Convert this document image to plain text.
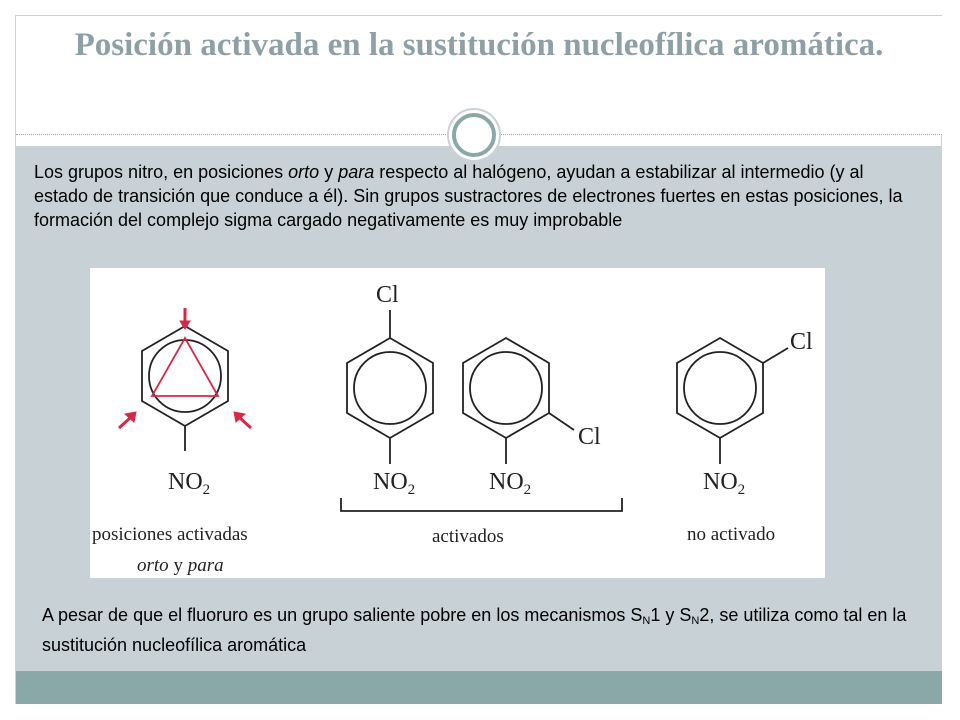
Posición activada en la sustitución nucleofílica aromática.

Los grupos nitro, en posiciones orto y para respecto al halógeno, ayudan a estabilizar al intermedio (y al estado de transición que conduce a él). Sin grupos sustractores de electrones fuertes en estas posiciones, la formación del complejo sigma cargado negativamente es muy improbable

$NO_2$
Cl
$NO_2$
Cl
$NO_2$
Cl
$NO_2$
posiciones activadas
orto y para
activados	no activado

A pesar de que el fluoruro es un grupo saliente pobre en los mecanismos $S_N1$ y $S_N2$, se utiliza como tal en la sustitución nucleofílica aromática
